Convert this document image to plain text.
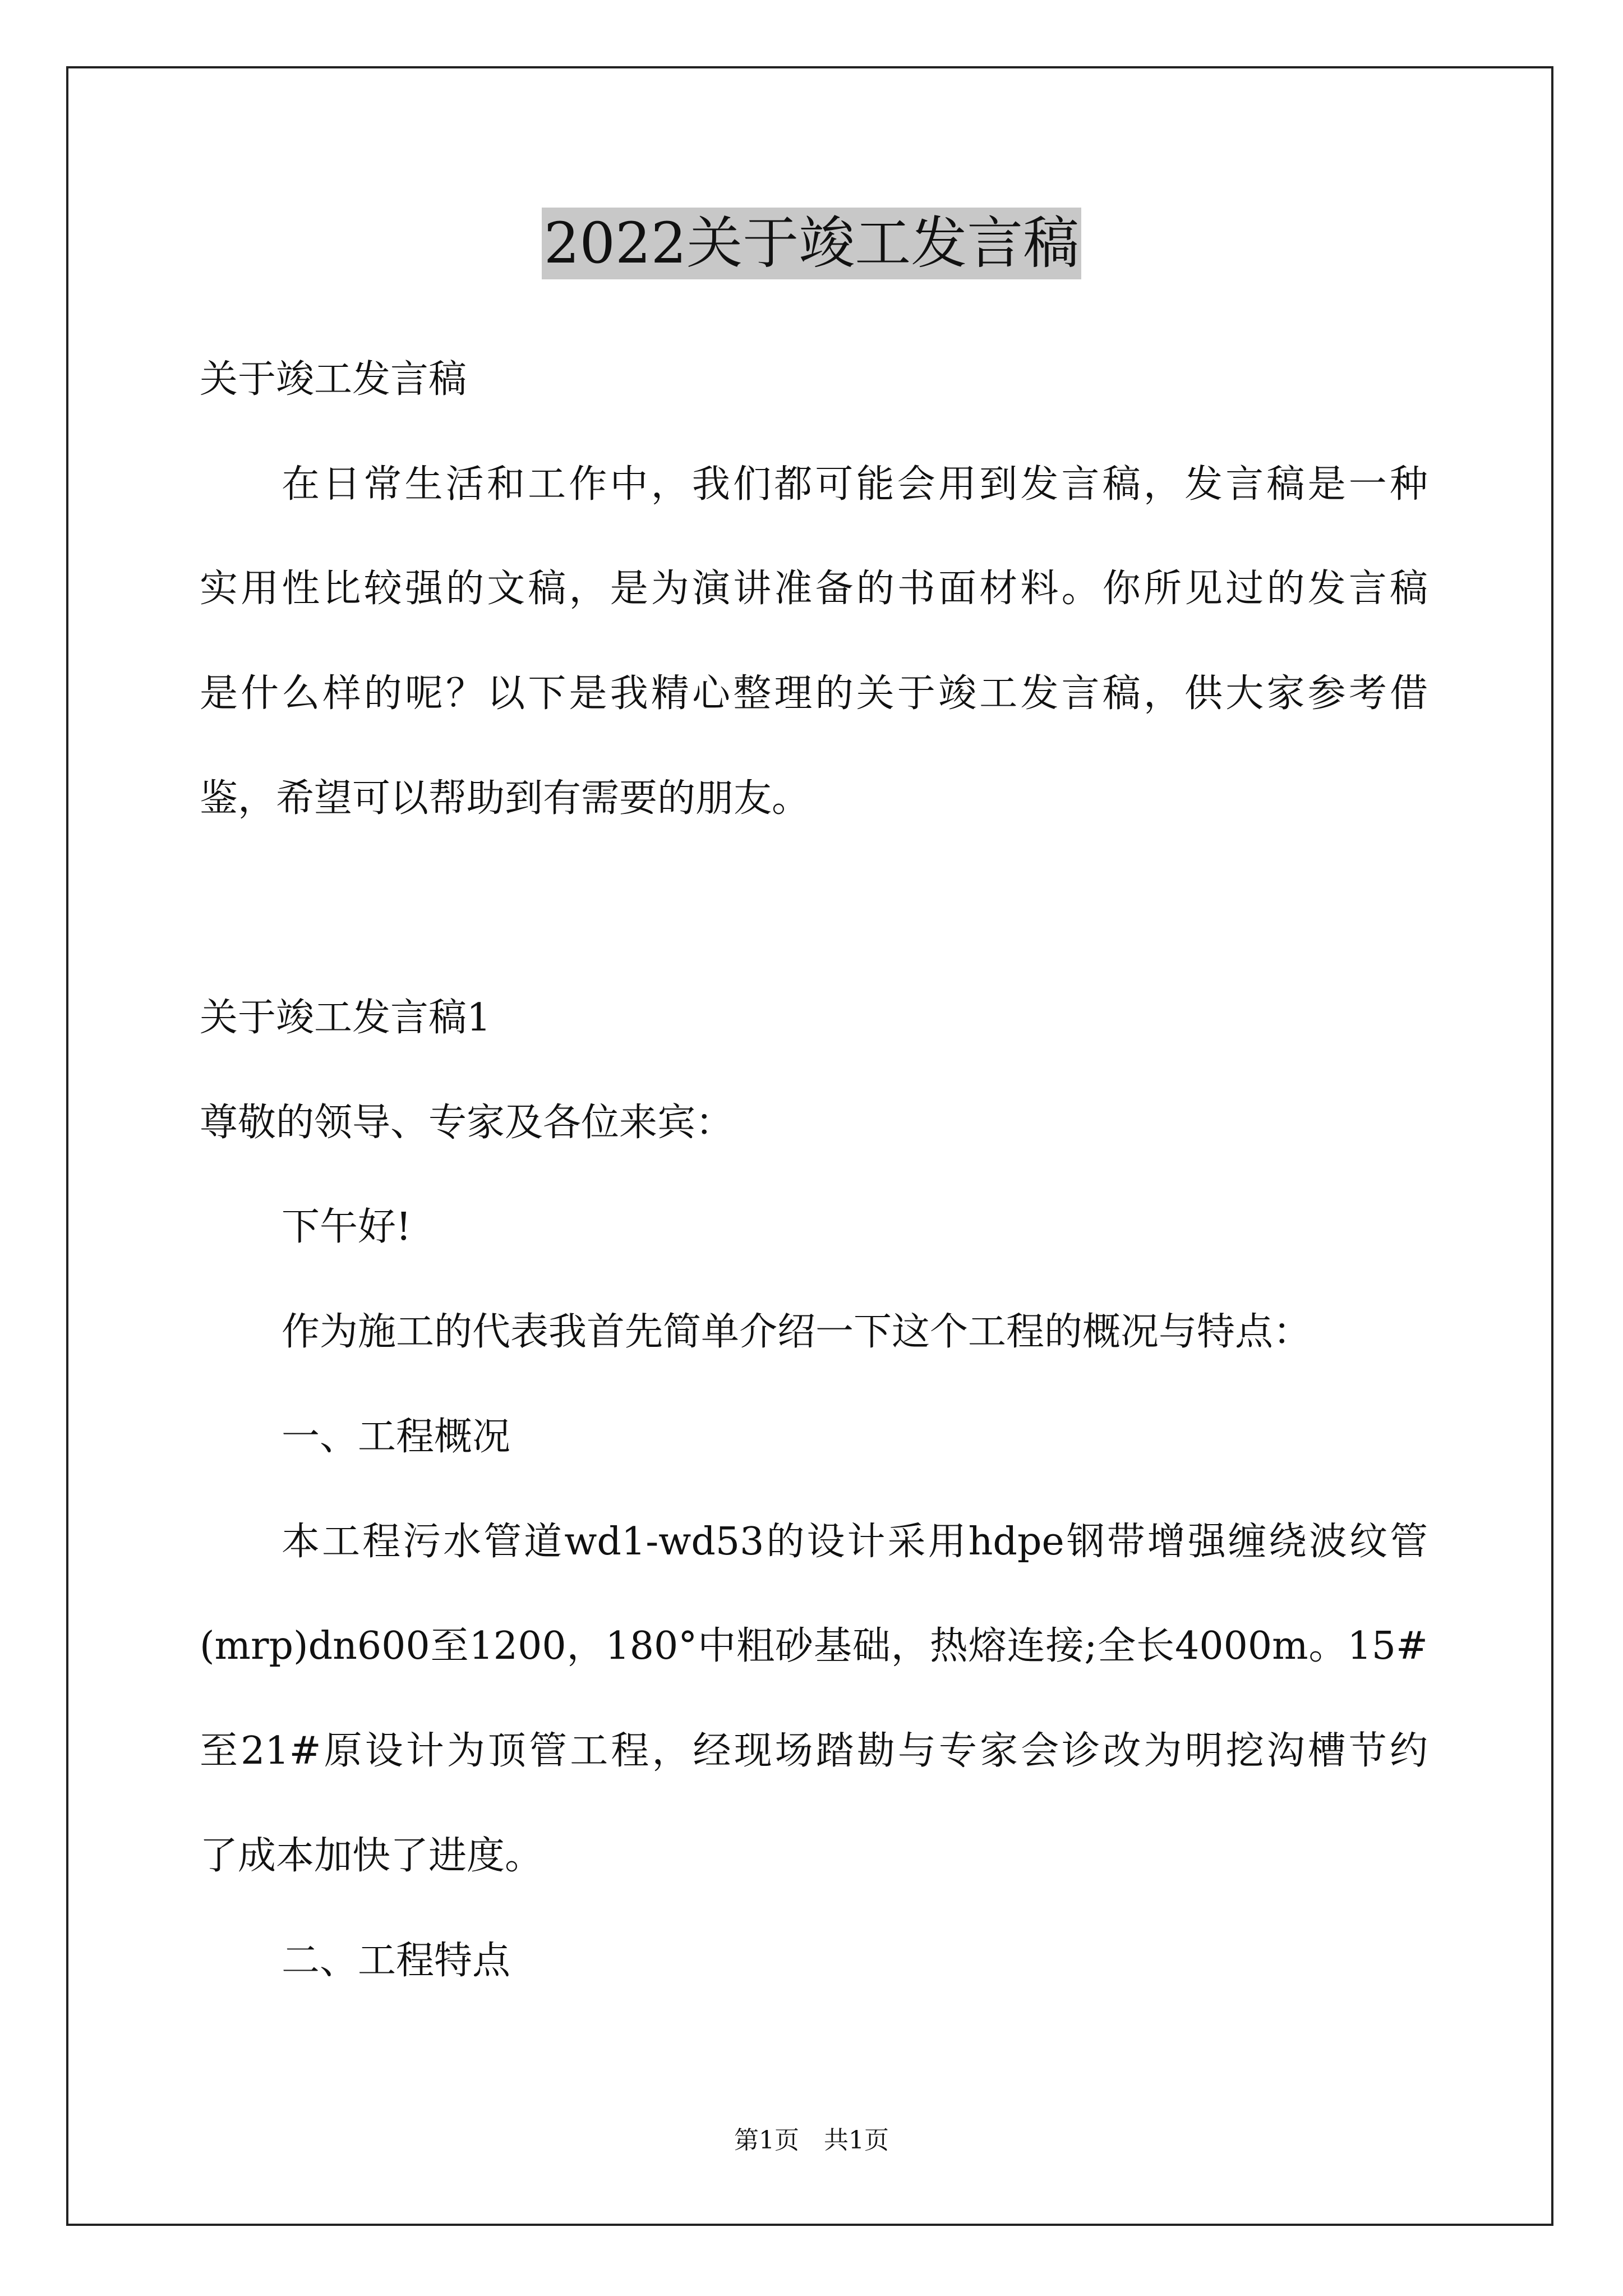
2022关于竣工发言稿
关于竣工发言稿
在日常生活和工作中，我们都可能会用到发言稿，发言稿是一种
实用性比较强的文稿，是为演讲准备的书面材料。你所见过的发言稿
是什么样的呢？以下是我精心整理的关于竣工发言稿，供大家参考借
鉴，希望可以帮助到有需要的朋友。
关于竣工发言稿1
尊敬的领导、专家及各位来宾：
下午好!
作为施工的代表我首先简单介绍一下这个工程的概况与特点：
一、工程概况
本工程污水管道wd1-wd53的设计采用hdpe钢带增强缠绕波纹管
(mrp)dn600至1200，180°中粗砂基础，热熔连接;全长4000m。15#
至21#原设计为顶管工程，经现场踏勘与专家会诊改为明挖沟槽节约
了成本加快了进度。
二、工程特点
第1页　共1页
